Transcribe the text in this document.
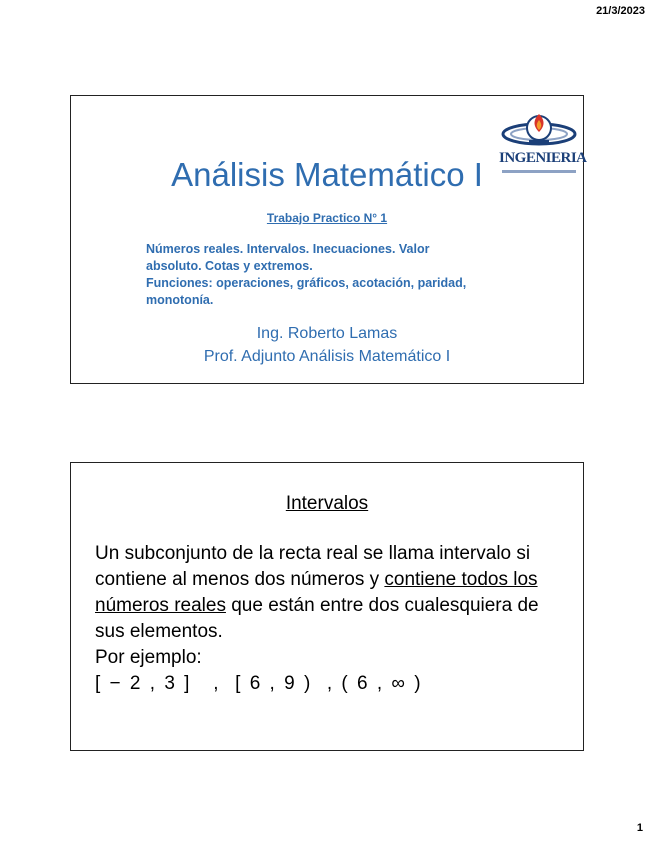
21/3/2023
INGENIERIA
Análisis Matemático I
Trabajo Practico N° 1

Números reales. Intervalos. Inecuaciones. Valor absoluto. Cotas y extremos.

Funciones: operaciones, gráficos, acotación, paridad, monotonía.

Ing. Roberto Lamas

Prof. Adjunto Análisis Matemático I

Intervalos

Un subconjunto de la recta real se llama intervalo si contiene al menos dos números y contiene todos los números reales que están entre dos cualesquiera de sus elementos.

Por ejemplo:

[ − 2 , 3 ]   ,  [ 6 , 9 )  , ( 6 , ∞ )
1
